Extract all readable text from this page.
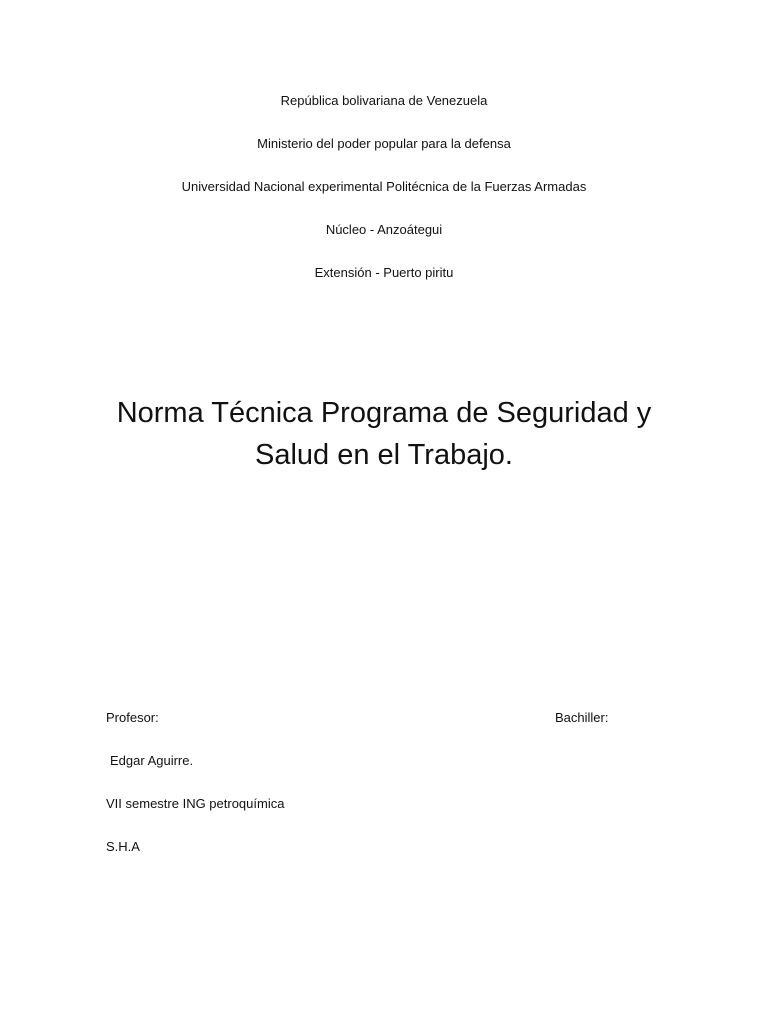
República bolivariana de Venezuela
Ministerio del poder popular para la defensa
Universidad Nacional experimental Politécnica de la Fuerzas Armadas
Núcleo - Anzoátegui
Extensión - Puerto piritu
Norma Técnica Programa de Seguridad y
Salud en el Trabajo.
Profesor:	Bachiller:
Edgar Aguirre.
VII semestre ING petroquímica
S.H.A
